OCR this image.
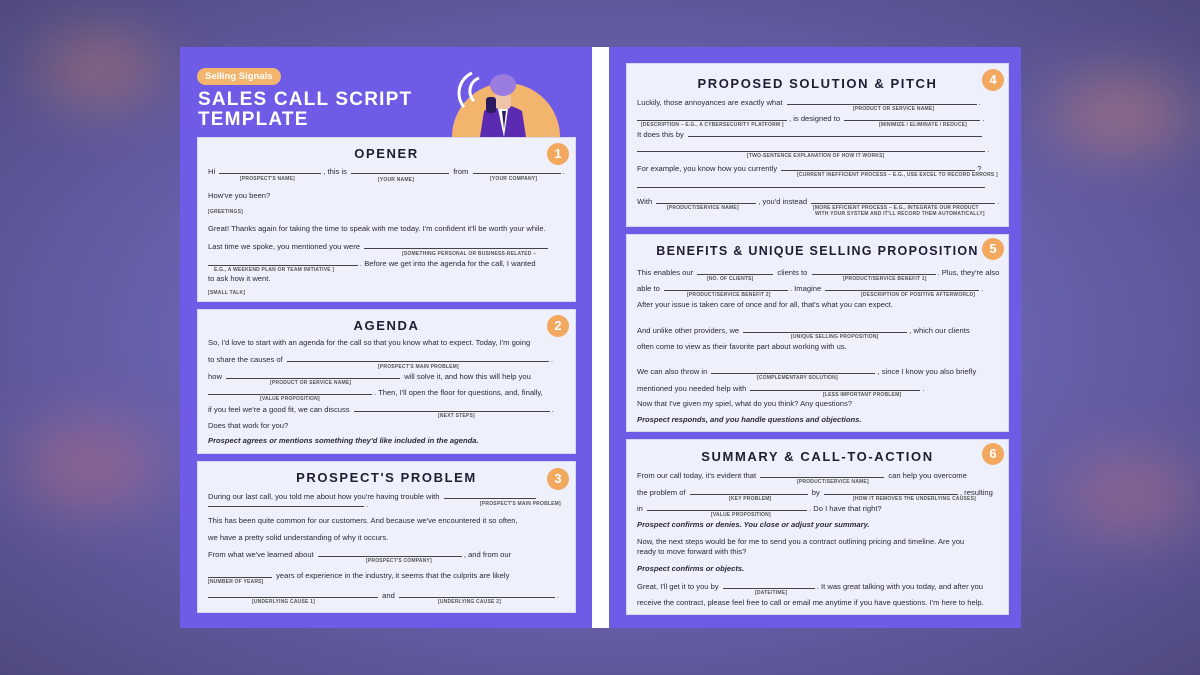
Selling Signals
SALES CALL SCRIPT
TEMPLATE
OPENER	1
Hi	, this is	from	.
[PROSPECT'S NAME]	[YOUR NAME]	[YOUR COMPANY]
How've you been?
[GREETINGS]
Great! Thanks again for taking the time to speak with me today. I'm confident it'll be worth your while.
Last time we spoke, you mentioned you were
[SOMETHING PERSONAL OR BUSINESS-RELATED –
. Before we get into the agenda for the call, I wanted
E.G., A WEEKEND PLAN OR TEAM INITIATIVE ]
to ask how it went.
[SMALL TALK]
AGENDA	2
So, I'd love to start with an agenda for the call so that you know what to expect. Today, I'm going
to share the causes of	.
[PROSPECT'S MAIN PROBLEM]
how	will solve it, and how this will help you
[PRODUCT OR SERVICE NAME]
. Then, I'll open the floor for questions, and, finally,
[VALUE PROPOSITION]
if you feel we're a good fit, we can discuss	.
[NEXT STEPS]
Does that work for you?
Prospect agrees or mentions something they'd like included in the agenda.
PROSPECT'S PROBLEM	3
During our last call, you told me about how you're having trouble with
[PROSPECT'S MAIN PROBLEM]
.
This has been quite common for our customers. And because we've encountered it so often,
we have a pretty solid understanding of why it occurs.
From what we've learned about	, and from our
[PROSPECT'S COMPANY]
years of experience in the industry, it seems that the culprits are likely
[NUMBER OF YEARS]
and	.
[UNDERLYING CAUSE 1]	[UNDERLYING CAUSE 2]
PROPOSED SOLUTION & PITCH	4
Luckily, those annoyances are exactly what	.
[PRODUCT OR SERVICE NAME]
, is designed to	.
[DESCRIPTION – E.G., A CYBERSECURITY PLATFORM ]	[MINIMIZE / ELIMINATE / REDUCE]
It does this by
.
[TWO-SENTENCE EXPLANATION OF HOW IT WORKS]
For example, you know how you currently	?
[CURRENT INEFFICIENT PROCESS – E.G., USE EXCEL TO RECORD ERRORS ]
With	, you'd instead	.
[PRODUCT/SERVICE NAME]	[MORE EFFICIENT PROCESS – E.G., INTEGRATE OUR PRODUCT
WITH YOUR SYSTEM AND IT'LL RECORD THEM AUTOMATICALLY]
BENEFITS & UNIQUE SELLING PROPOSITION 5
This enables our	clients to	. Plus, they're also
[NO. OF CLIENTS]	[PRODUCT/SERVICE BENEFIT 1]
able to	. Imagine	.
[PRODUCT/SERVICE BENEFIT 2]	[DESCRIPTION OF POSITIVE AFTERWORLD]
After your issue is taken care of once and for all, that's what you can expect.
And unlike other providers, we	, which our clients
[UNIQUE SELLING PROPOSITION]
often come to view as their favorite part about working with us.
We can also throw in	, since I know you also briefly
[COMPLEMENTARY SOLUTION]
mentioned you needed help with	.
[LESS IMPORTANT PROBLEM]
Now that I've given my spiel, what do you think? Any questions?
Prospect responds, and you handle questions and objections.
SUMMARY & CALL-TO-ACTION	6
From our call today, it's evident that	can help you overcome
[PRODUCT/SERVICE NAME]
the problem of	by	, resulting
[KEY PROBLEM]	[HOW IT REMOVES THE UNDERLYING CAUSES]
in	. Do I have that right?
[VALUE PROPOSITION]
Prospect confirms or denies. You close or adjust your summary.
Now, the next steps would be for me to send you a contract outlining pricing and timeline. Are you
ready to move forward with this?
Prospect confirms or objects.
Great, I'll get it to you by	. It was great talking with you today, and after you
[DATE/TIME]
receive the contract, please feel free to call or email me anytime if you have questions. I'm here to help.
